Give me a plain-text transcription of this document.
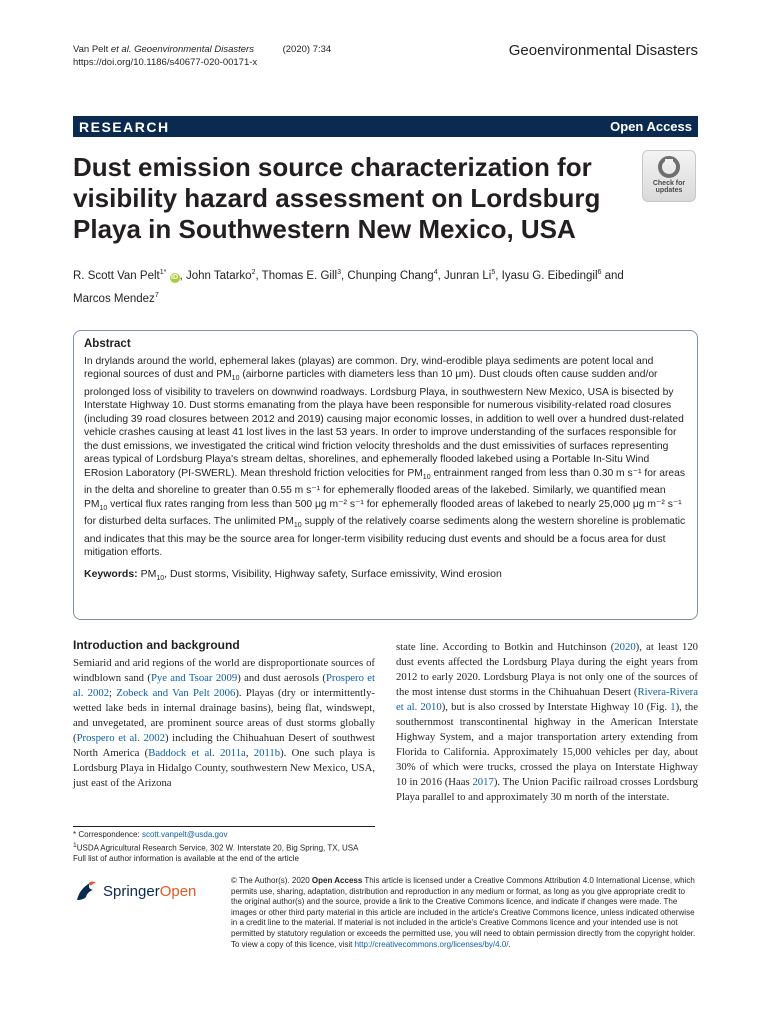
Van Pelt et al. Geoenvironmental Disasters	(2020) 7:34
https://doi.org/10.1186/s40677-020-00171-x
Geoenvironmental Disasters
RESEARCH	Open Access
Dust emission source characterization for visibility hazard assessment on Lordsburg Playa in Southwestern New Mexico, USA
Check for
updates
R. Scott Van Pelt$^{1*}$ iD , John Tatarko$^2$, Thomas E. Gill$^3$, Chunping Chang$^4$, Junran Li$^5$, Iyasu G. Eibedingil$^6$ and
Marcos Mendez$^7$
Abstract

In drylands around the world, ephemeral lakes (playas) are common. Dry, wind-erodible playa sediments are potent local and regional sources of dust and $PM_{10}$ (airborne particles with diameters less than 10 μm). Dust clouds often cause sudden and/or prolonged loss of visibility to travelers on downwind roadways. Lordsburg Playa, in southwestern New Mexico, USA is bisected by Interstate Highway 10. Dust storms emanating from the playa have been responsible for numerous visibility-related road closures (including 39 road closures between 2012 and 2019) causing major economic losses, in addition to well over a hundred dust-related vehicle crashes causing at least 41 lost lives in the last 53 years. In order to improve understanding of the surfaces responsible for the dust emissions, we investigated the critical wind friction velocity thresholds and the dust emissivities of surfaces representing areas typical of Lordsburg Playa's stream deltas, shorelines, and ephemerally flooded lakebed using a Portable In-Situ Wind ERosion Laboratory (PI-SWERL). Mean threshold friction velocities for $PM_{10}$ entrainment ranged from less than 0.30 m s⁻¹ for areas in the delta and shoreline to greater than 0.55 m s⁻¹ for ephemerally flooded areas of the lakebed. Similarly, we quantified mean $PM_{10}$ vertical flux rates ranging from less than 500 μg m⁻² s⁻¹ for ephemerally flooded areas of lakebed to nearly 25,000 μg m⁻² s⁻¹ for disturbed delta surfaces. The unlimited $PM_{10}$ supply of the relatively coarse sediments along the western shoreline is problematic and indicates that this may be the source area for longer-term visibility reducing dust events and should be a focus area for dust mitigation efforts.

Keywords: $PM_{10}$, Dust storms, Visibility, Highway safety, Surface emissivity, Wind erosion
Introduction and background

Semiarid and arid regions of the world are disproportionate sources of windblown sand (Pye and Tsoar 2009) and dust aerosols (Prospero et al. 2002; Zobeck and Van Pelt 2006). Playas (dry or intermittently-wetted lake beds in internal drainage basins), being flat, windswept, and unvegetated, are prominent source areas of dust storms globally (Prospero et al. 2002) including the Chihuahuan Desert of southwest North America (Baddock et al. 2011a, 2011b). One such playa is Lordsburg Playa in Hidalgo County, southwestern New Mexico, USA, just east of the Arizona

state line. According to Botkin and Hutchinson (2020), at least 120 dust events affected the Lordsburg Playa during the eight years from 2012 to early 2020. Lordsburg Playa is not only one of the sources of the most intense dust storms in the Chihuahuan Desert (Rivera-Rivera et al. 2010), but is also crossed by Interstate Highway 10 (Fig. 1), the southernmost transcontinental highway in the American Interstate Highway System, and a major transportation artery extending from Florida to California. Approximately 15,000 vehicles per day, about 30% of which were trucks, crossed the playa on Interstate Highway 10 in 2016 (Haas 2017). The Union Pacific railroad crosses Lordsburg Playa parallel to and approximately 30 m north of the interstate.

* Correspondence: scott.vanpelt@usda.gov
$^1$USDA Agricultural Research Service, 302 W. Interstate 20, Big Spring, TX, USA
Full list of author information is available at the end of the article
SpringerOpen
© The Author(s). 2020 Open Access This article is licensed under a Creative Commons Attribution 4.0 International License, which permits use, sharing, adaptation, distribution and reproduction in any medium or format, as long as you give appropriate credit to the original author(s) and the source, provide a link to the Creative Commons licence, and indicate if changes were made. The images or other third party material in this article are included in the article's Creative Commons licence, unless indicated otherwise in a credit line to the material. If material is not included in the article's Creative Commons licence and your intended use is not permitted by statutory regulation or exceeds the permitted use, you will need to obtain permission directly from the copyright holder. To view a copy of this licence, visit http://creativecommons.org/licenses/by/4.0/.
